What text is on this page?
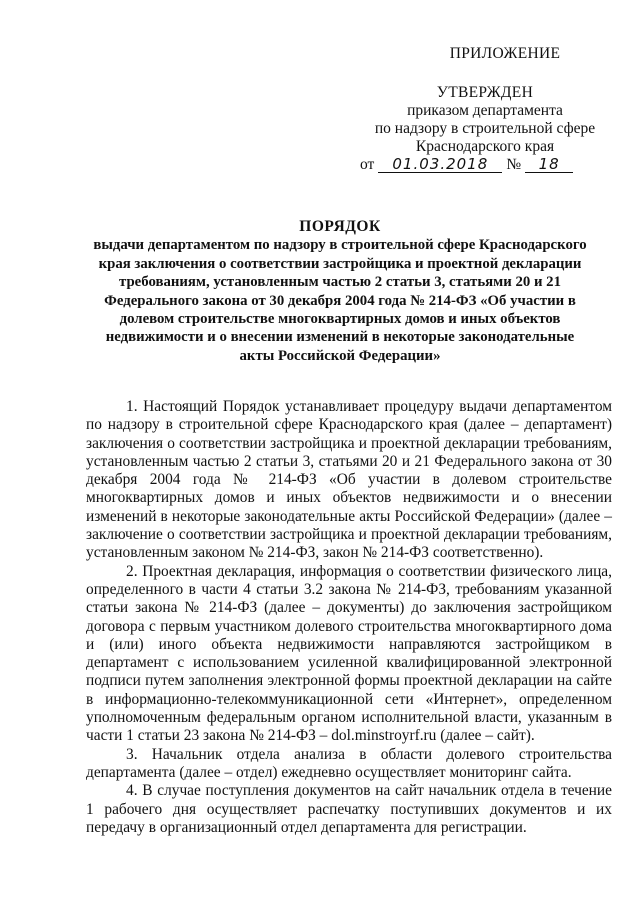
ПРИЛОЖЕНИЕ
УТВЕРЖДЕН
приказом департамента
по надзору в строительной сфере
Краснодарского края
от 01.03.2018 № 18
ПОРЯДОК
выдачи департаментом по надзору в строительной сфере Краснодарского края заключения о соответствии застройщика и проектной декларации требованиям, установленным частью 2 статьи 3, статьями 20 и 21 Федерального закона от 30 декабря 2004 года № 214-ФЗ «Об участии в долевом строительстве многоквартирных домов и иных объектов недвижимости и о внесении изменений в некоторые законодательные акты Российской Федерации»

1. Настоящий Порядок устанавливает процедуру выдачи департаментом по надзору в строительной сфере Краснодарского края (далее – департамент) заключения о соответствии застройщика и проектной декларации требованиям, установленным частью 2 статьи 3, статьями 20 и 21 Федерального закона от 30 декабря 2004 года № 214-ФЗ «Об участии в долевом строительстве многоквартирных домов и иных объектов недвижимости и о внесении изменений в некоторые законодательные акты Российской Федерации» (далее – заключение о соответствии застройщика и проектной декларации требованиям, установленным законом № 214-ФЗ, закон № 214-ФЗ соответственно).

2. Проектная декларация, информация о соответствии физического лица, определенного в части 4 статьи 3.2 закона № 214-ФЗ, требованиям указанной статьи закона № 214-ФЗ (далее – документы) до заключения застройщиком договора с первым участником долевого строительства многоквартирного дома и (или) иного объекта недвижимости направляются застройщиком в департамент с использованием усиленной квалифицированной электронной подписи путем заполнения электронной формы проектной декларации на сайте в информационно-телекоммуникационной сети «Интернет», определенном уполномоченным федеральным органом исполнительной власти, указанным в части 1 статьи 23 закона № 214-ФЗ – dol.minstroyrf.ru (далее – сайт).

3. Начальник отдела анализа в области долевого строительства департамента (далее – отдел) ежедневно осуществляет мониторинг сайта.

4. В случае поступления документов на сайт начальник отдела в течение 1 рабочего дня осуществляет распечатку поступивших документов и их передачу в организационный отдел департамента для регистрации.
